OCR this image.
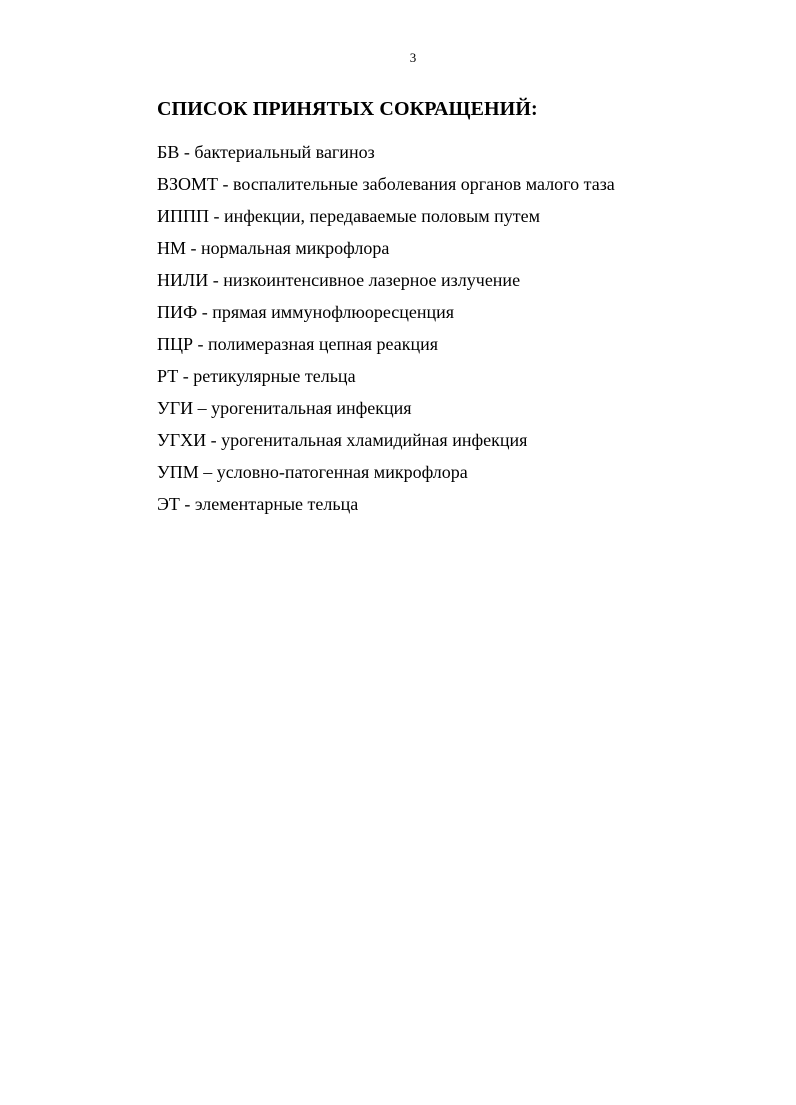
3
СПИСОК ПРИНЯТЫХ СОКРАЩЕНИЙ:
БВ - бактериальный вагиноз
ВЗОМТ - воспалительные заболевания органов малого таза
ИППП - инфекции, передаваемые половым путем
НМ - нормальная микрофлора
НИЛИ - низкоинтенсивное лазерное излучение
ПИФ - прямая иммунофлюоресценция
ПЦР - полимеразная цепная реакция
РТ - ретикулярные тельца
УГИ – урогенитальная инфекция
УГХИ - урогенитальная хламидийная инфекция
УПМ – условно-патогенная микрофлора
ЭТ - элементарные тельца
